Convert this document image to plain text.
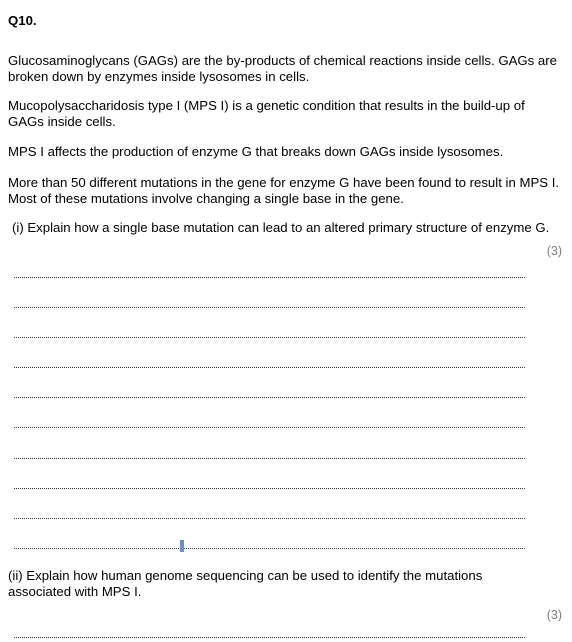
Q10.
Glucosaminoglycans (GAGs) are the by-products of chemical reactions inside cells. GAGs are broken down by enzymes inside lysosomes in cells.
Mucopolysaccharidosis type I (MPS I) is a genetic condition that results in the build-up of GAGs inside cells.
MPS I affects the production of enzyme G that breaks down GAGs inside lysosomes.
More than 50 different mutations in the gene for enzyme G have been found to result in MPS I. Most of these mutations involve changing a single base in the gene.
(i) Explain how a single base mutation can lead to an altered primary structure of enzyme G.
(3)
(ii) Explain how human genome sequencing can be used to identify the mutations associated with MPS I.
(3)
